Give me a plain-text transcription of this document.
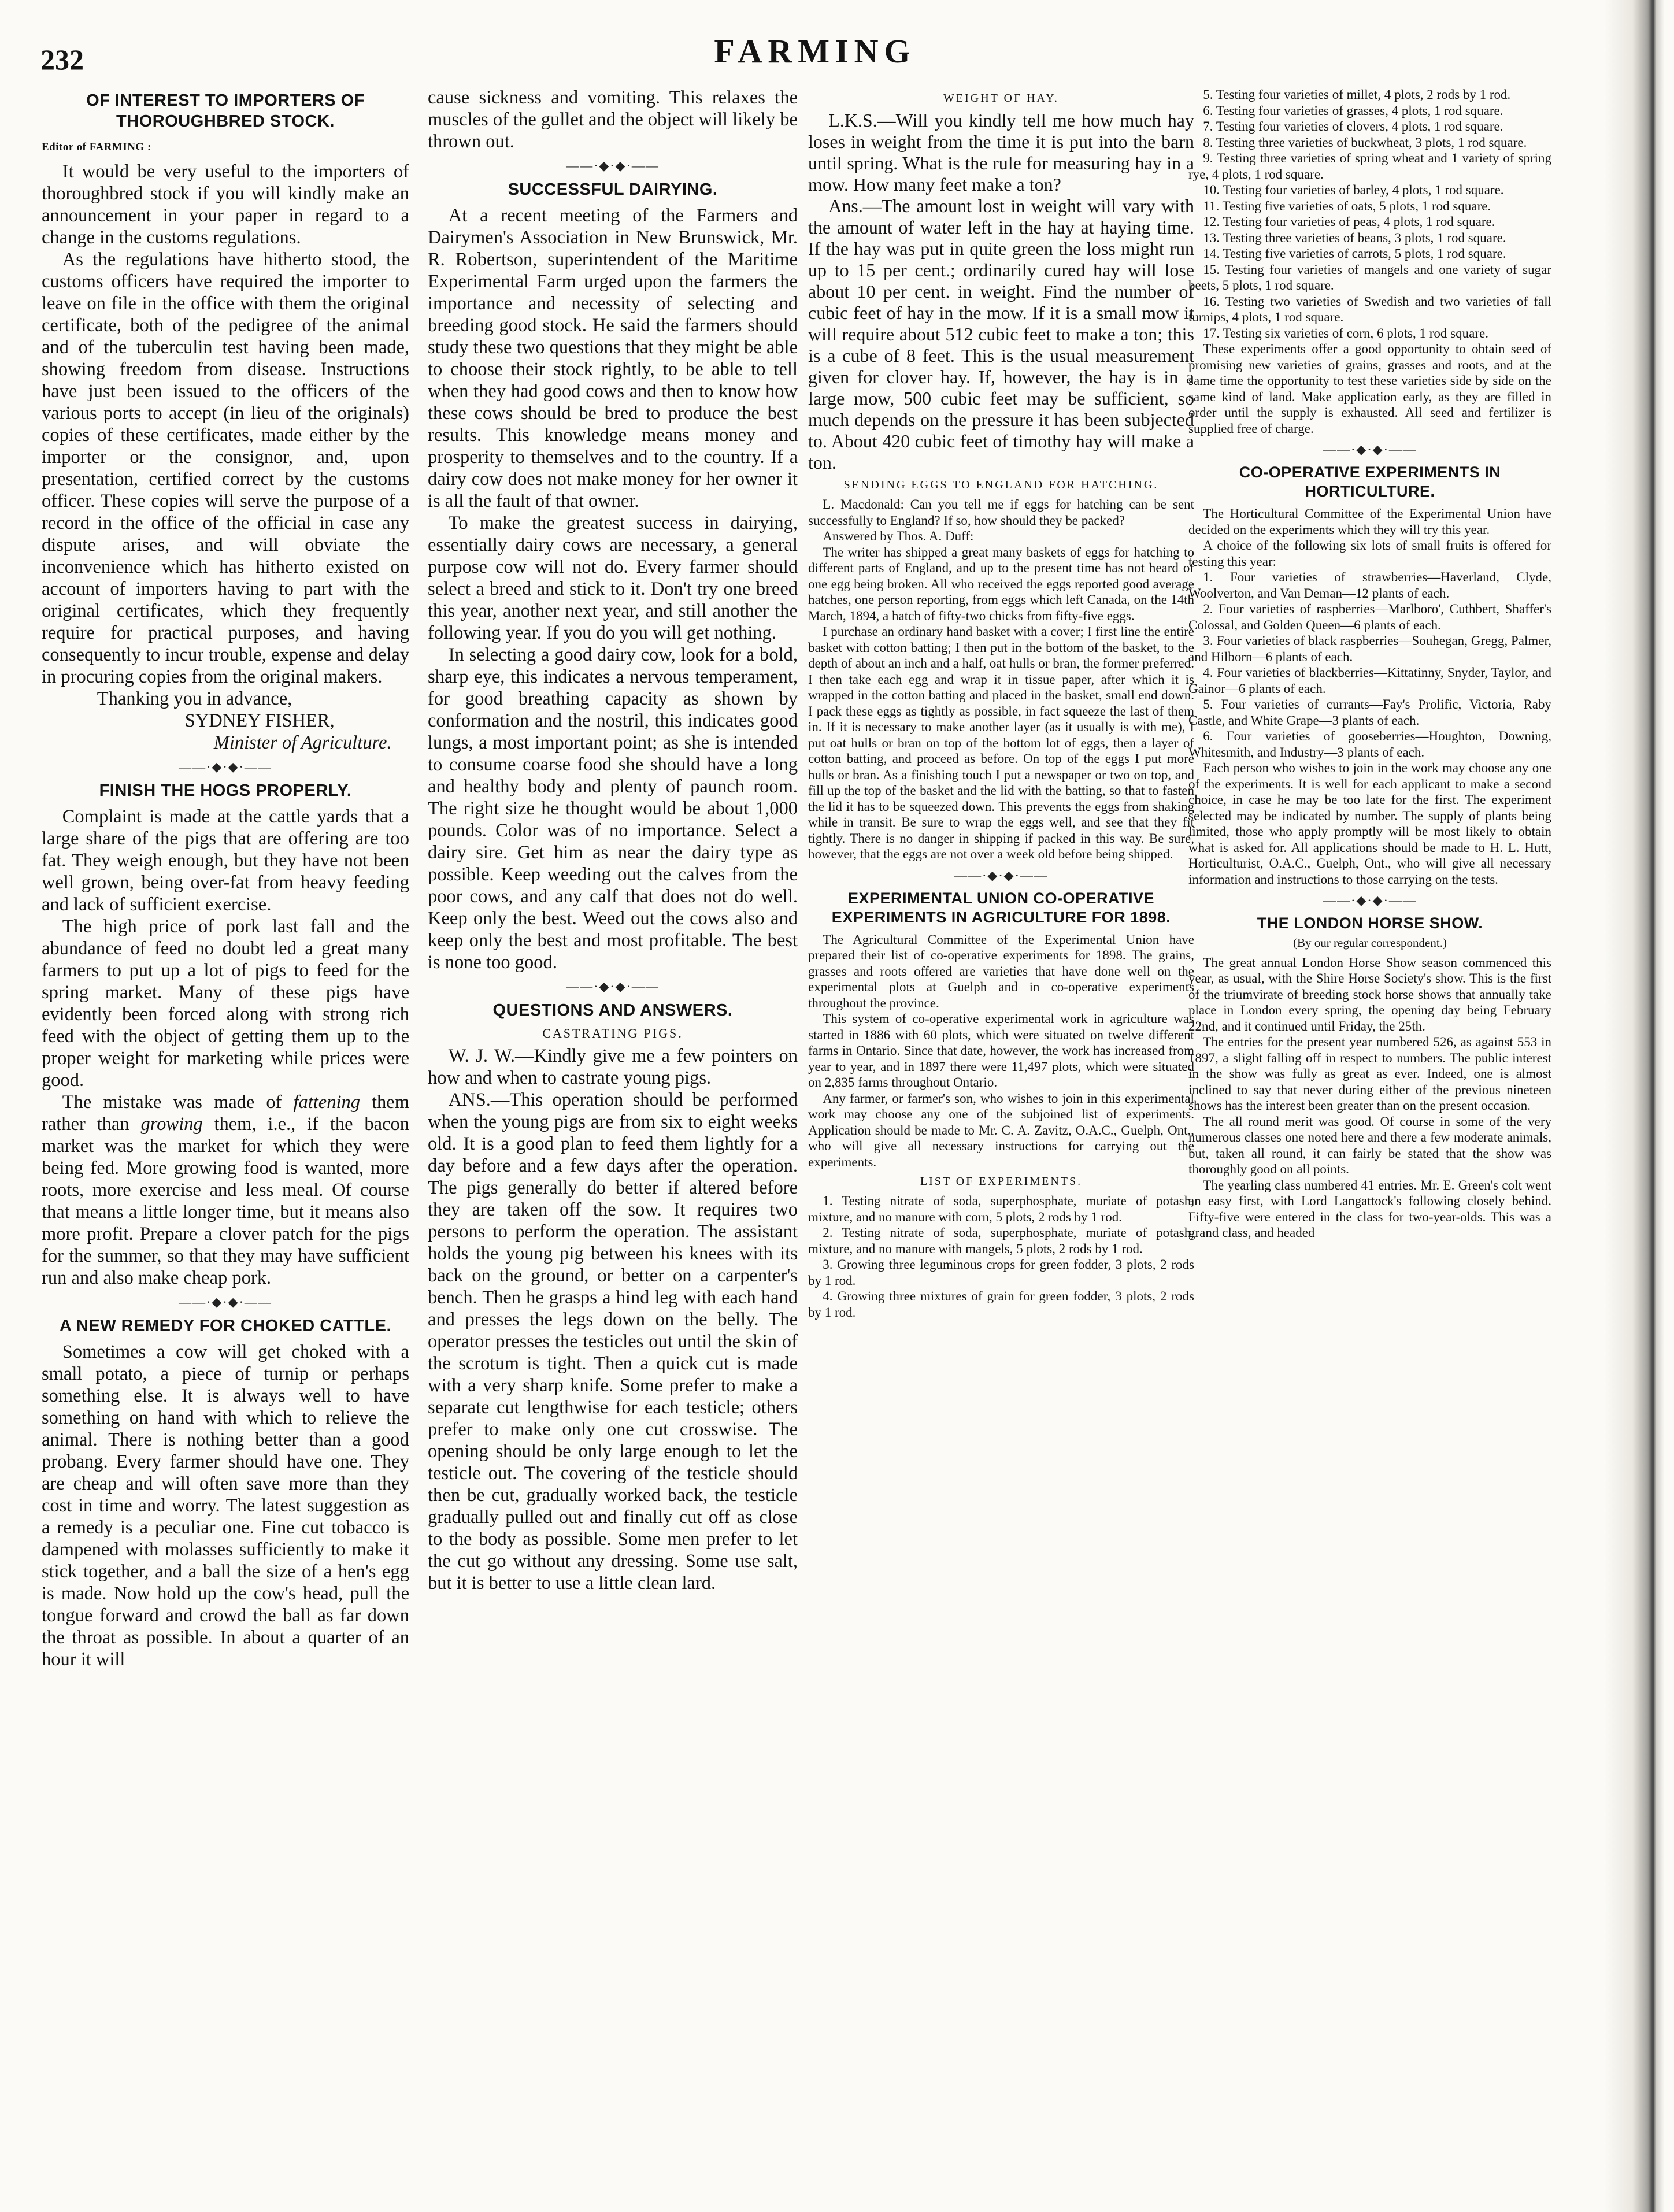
232	FARMING
OF INTEREST TO IMPORTERS OF THOROUGHBRED STOCK.
Editor of FARMING :

It would be very useful to the importers of thoroughbred stock if you will kindly make an announcement in your paper in regard to a change in the customs regulations.

As the regulations have hitherto stood, the customs officers have required the importer to leave on file in the office with them the original certificate, both of the pedigree of the animal and of the tuberculin test having been made, showing freedom from disease. Instructions have just been issued to the officers of the various ports to accept (in lieu of the originals) copies of these certificates, made either by the importer or the consignor, and, upon presentation, certified correct by the customs officer. These copies will serve the purpose of a record in the office of the official in case any dispute arises, and will obviate the inconvenience which has hitherto existed on account of importers having to part with the original certificates, which they frequently require for practical purposes, and having consequently to incur trouble, expense and delay in procuring copies from the original makers.

Thanking you in advance,

SYDNEY FISHER,

Minister of Agriculture.

——·◆·◆·——
FINISH THE HOGS PROPERLY.

Complaint is made at the cattle yards that a large share of the pigs that are offering are too fat. They weigh enough, but they have not been well grown, being over-fat from heavy feeding and lack of sufficient exercise.

The high price of pork last fall and the abundance of feed no doubt led a great many farmers to put up a lot of pigs to feed for the spring market. Many of these pigs have evidently been forced along with strong rich feed with the object of getting them up to the proper weight for marketing while prices were good.

The mistake was made of fattening them rather than growing them, i.e., if the bacon market was the market for which they were being fed. More growing food is wanted, more roots, more exercise and less meal. Of course that means a little longer time, but it means also more profit. Prepare a clover patch for the pigs for the summer, so that they may have sufficient run and also make cheap pork.

——·◆·◆·——
A NEW REMEDY FOR CHOKED CATTLE.

Sometimes a cow will get choked with a small potato, a piece of turnip or perhaps something else. It is always well to have something on hand with which to relieve the animal. There is nothing better than a good probang. Every farmer should have one. They are cheap and will often save more than they cost in time and worry. The latest suggestion as a remedy is a peculiar one. Fine cut tobacco is dampened with molasses sufficiently to make it stick together, and a ball the size of a hen's egg is made. Now hold up the cow's head, pull the tongue forward and crowd the ball as far down the throat as possible. In about a quarter of an hour it will

cause sickness and vomiting. This relaxes the muscles of the gullet and the object will likely be thrown out.

——·◆·◆·——
SUCCESSFUL DAIRYING.

At a recent meeting of the Farmers and Dairymen's Association in New Brunswick, Mr. R. Robertson, superintendent of the Maritime Experimental Farm urged upon the farmers the importance and necessity of selecting and breeding good stock. He said the farmers should study these two questions that they might be able to choose their stock rightly, to be able to tell when they had good cows and then to know how these cows should be bred to produce the best results. This knowledge means money and prosperity to themselves and to the country. If a dairy cow does not make money for her owner it is all the fault of that owner.

To make the greatest success in dairying, essentially dairy cows are necessary, a general purpose cow will not do. Every farmer should select a breed and stick to it. Don't try one breed this year, another next year, and still another the following year. If you do you will get nothing.

In selecting a good dairy cow, look for a bold, sharp eye, this indicates a nervous temperament, for good breathing capacity as shown by conformation and the nostril, this indicates good lungs, a most important point; as she is intended to consume coarse food she should have a long and healthy body and plenty of paunch room. The right size he thought would be about 1,000 pounds. Color was of no importance. Select a dairy sire. Get him as near the dairy type as possible. Keep weeding out the calves from the poor cows, and any calf that does not do well. Keep only the best. Weed out the cows also and keep only the best and most profitable. The best is none too good.

——·◆·◆·——
QUESTIONS AND ANSWERS.
CASTRATING PIGS.

W. J. W.—Kindly give me a few pointers on how and when to castrate young pigs.

ANS.—This operation should be performed when the young pigs are from six to eight weeks old. It is a good plan to feed them lightly for a day before and a few days after the operation. The pigs generally do better if altered before they are taken off the sow. It requires two persons to perform the operation. The assistant holds the young pig between his knees with its back on the ground, or better on a carpenter's bench. Then he grasps a hind leg with each hand and presses the legs down on the belly. The operator presses the testicles out until the skin of the scrotum is tight. Then a quick cut is made with a very sharp knife. Some prefer to make a separate cut lengthwise for each testicle; others prefer to make only one cut crosswise. The opening should be only large enough to let the testicle out. The covering of the testicle should then be cut, gradually worked back, the testicle gradually pulled out and finally cut off as close to the body as possible. Some men prefer to let the cut go without any dressing. Some use salt, but it is better to use a little clean lard.

WEIGHT OF HAY.

L.K.S.—Will you kindly tell me how much hay loses in weight from the time it is put into the barn until spring. What is the rule for measuring hay in a mow. How many feet make a ton?

Ans.—The amount lost in weight will vary with the amount of water left in the hay at haying time. If the hay was put in quite green the loss might run up to 15 per cent.; ordinarily cured hay will lose about 10 per cent. in weight. Find the number of cubic feet of hay in the mow. If it is a small mow it will require about 512 cubic feet to make a ton; this is a cube of 8 feet. This is the usual measurement given for clover hay. If, however, the hay is in a large mow, 500 cubic feet may be sufficient, so much depends on the pressure it has been subjected to. About 420 cubic feet of timothy hay will make a ton.

SENDING EGGS TO ENGLAND FOR HATCHING.

L. Macdonald: Can you tell me if eggs for hatching can be sent successfully to England? If so, how should they be packed?

Answered by Thos. A. Duff:

The writer has shipped a great many baskets of eggs for hatching to different parts of England, and up to the present time has not heard of one egg being broken. All who received the eggs reported good average hatches, one person reporting, from eggs which left Canada, on the 14th March, 1894, a hatch of fifty-two chicks from fifty-five eggs.

I purchase an ordinary hand basket with a cover; I first line the entire basket with cotton batting; I then put in the bottom of the basket, to the depth of about an inch and a half, oat hulls or bran, the former preferred. I then take each egg and wrap it in tissue paper, after which it is wrapped in the cotton batting and placed in the basket, small end down. I pack these eggs as tightly as possible, in fact squeeze the last of them in. If it is necessary to make another layer (as it usually is with me), I put oat hulls or bran on top of the bottom lot of eggs, then a layer of cotton batting, and proceed as before. On top of the eggs I put more hulls or bran. As a finishing touch I put a newspaper or two on top, and fill up the top of the basket and the lid with the batting, so that to fasten the lid it has to be squeezed down. This prevents the eggs from shaking while in transit. Be sure to wrap the eggs well, and see that they fit tightly. There is no danger in shipping if packed in this way. Be sure, however, that the eggs are not over a week old before being shipped.

——·◆·◆·——
EXPERIMENTAL UNION CO-OPERATIVE EXPERIMENTS IN AGRICULTURE FOR 1898.

The Agricultural Committee of the Experimental Union have prepared their list of co-operative experiments for 1898. The grains, grasses and roots offered are varieties that have done well on the experimental plots at Guelph and in co-operative experiments throughout the province.

This system of co-operative experimental work in agriculture was started in 1886 with 60 plots, which were situated on twelve different farms in Ontario. Since that date, however, the work has increased from year to year, and in 1897 there were 11,497 plots, which were situated on 2,835 farms throughout Ontario.

Any farmer, or farmer's son, who wishes to join in this experimental work may choose any one of the subjoined list of experiments. Application should be made to Mr. C. A. Zavitz, O.A.C., Guelph, Ont., who will give all necessary instructions for carrying out the experiments.

LIST OF EXPERIMENTS.

1. Testing nitrate of soda, superphosphate, muriate of potash, mixture, and no manure with corn, 5 plots, 2 rods by 1 rod.

2. Testing nitrate of soda, superphosphate, muriate of potash, mixture, and no manure with mangels, 5 plots, 2 rods by 1 rod.

3. Growing three leguminous crops for green fodder, 3 plots, 2 rods by 1 rod.

4. Growing three mixtures of grain for green fodder, 3 plots, 2 rods by 1 rod.

5. Testing four varieties of millet, 4 plots, 2 rods by 1 rod.

6. Testing four varieties of grasses, 4 plots, 1 rod square.

7. Testing four varieties of clovers, 4 plots, 1 rod square.

8. Testing three varieties of buckwheat, 3 plots, 1 rod square.

9. Testing three varieties of spring wheat and 1 variety of spring rye, 4 plots, 1 rod square.

10. Testing four varieties of barley, 4 plots, 1 rod square.

11. Testing five varieties of oats, 5 plots, 1 rod square.

12. Testing four varieties of peas, 4 plots, 1 rod square.

13. Testing three varieties of beans, 3 plots, 1 rod square.

14. Testing five varieties of carrots, 5 plots, 1 rod square.

15. Testing four varieties of mangels and one variety of sugar beets, 5 plots, 1 rod square.

16. Testing two varieties of Swedish and two varieties of fall turnips, 4 plots, 1 rod square.

17. Testing six varieties of corn, 6 plots, 1 rod square.

These experiments offer a good opportunity to obtain seed of promising new varieties of grains, grasses and roots, and at the same time the opportunity to test these varieties side by side on the same kind of land. Make application early, as they are filled in order until the supply is exhausted. All seed and fertilizer is supplied free of charge.

——·◆·◆·——
CO-OPERATIVE EXPERIMENTS IN HORTICULTURE.

The Horticultural Committee of the Experimental Union have decided on the experiments which they will try this year.

A choice of the following six lots of small fruits is offered for testing this year:

1. Four varieties of strawberries—Haverland, Clyde, Woolverton, and Van Deman—12 plants of each.

2. Four varieties of raspberries—Marlboro', Cuthbert, Shaffer's Colossal, and Golden Queen—6 plants of each.

3. Four varieties of black raspberries—Souhegan, Gregg, Palmer, and Hilborn—6 plants of each.

4. Four varieties of blackberries—Kittatinny, Snyder, Taylor, and Gainor—6 plants of each.

5. Four varieties of currants—Fay's Prolific, Victoria, Raby Castle, and White Grape—3 plants of each.

6. Four varieties of gooseberries—Houghton, Downing, Whitesmith, and Industry—3 plants of each.

Each person who wishes to join in the work may choose any one of the experiments. It is well for each applicant to make a second choice, in case he may be too late for the first. The experiment selected may be indicated by number. The supply of plants being limited, those who apply promptly will be most likely to obtain what is asked for. All applications should be made to H. L. Hutt, Horticulturist, O.A.C., Guelph, Ont., who will give all necessary information and instructions to those carrying on the tests.

——·◆·◆·——
THE LONDON HORSE SHOW.
(By our regular correspondent.)

The great annual London Horse Show season commenced this year, as usual, with the Shire Horse Society's show. This is the first of the triumvirate of breeding stock horse shows that annually take place in London every spring, the opening day being February 22nd, and it continued until Friday, the 25th.

The entries for the present year numbered 526, as against 553 in 1897, a slight falling off in respect to numbers. The public interest in the show was fully as great as ever. Indeed, one is almost inclined to say that never during either of the previous nineteen shows has the interest been greater than on the present occasion.

The all round merit was good. Of course in some of the very numerous classes one noted here and there a few moderate animals, but, taken all round, it can fairly be stated that the show was thoroughly good on all points.

The yearling class numbered 41 entries. Mr. E. Green's colt went an easy first, with Lord Langattock's following closely behind. Fifty-five were entered in the class for two-year-olds. This was a grand class, and headed
